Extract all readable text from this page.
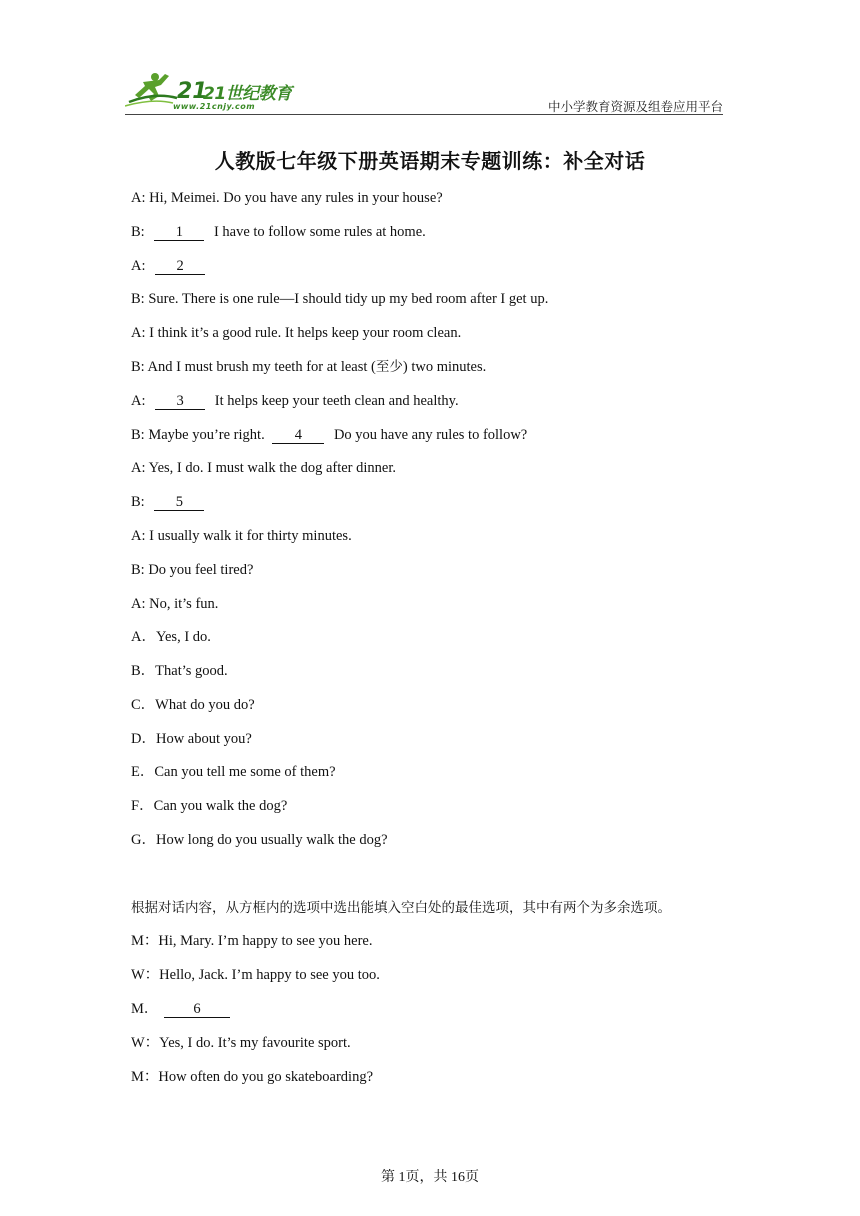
21
21世纪教育
www.21cnjy.com	中小学教育资源及组卷应用平台
人教版七年级下册英语期末专题训练：补全对话
A: Hi, Meimei. Do you have any rules in your house?
B: 1 I have to follow some rules at home.
A: 2
B: Sure. There is one rule—I should tidy up my bed room after I get up.
A: I think it’s a good rule. It helps keep your room clean.
B: And I must brush my teeth for at least (至少) two minutes.
A: 3 It helps keep your teeth clean and healthy.
B: Maybe you’re right. 4 Do you have any rules to follow?
A: Yes, I do. I must walk the dog after dinner.
B: 5
A: I usually walk it for thirty minutes.
B: Do you feel tired?
A: No, it’s fun.
A．Yes, I do.
B．That’s good.
C．What do you do?
D．How about you?
E．Can you tell me some of them?
F．Can you walk the dog?
G．How long do you usually walk the dog?
根据对话内容，从方框内的选项中选出能填入空白处的最佳选项，其中有两个为多余选项。
M：Hi, Mary. I’m happy to see you here.
W：Hello, Jack. I’m happy to see you too.
M． 6
W：Yes, I do. It’s my favourite sport.
M：How often do you go skateboarding?
第 1页，共 16页
